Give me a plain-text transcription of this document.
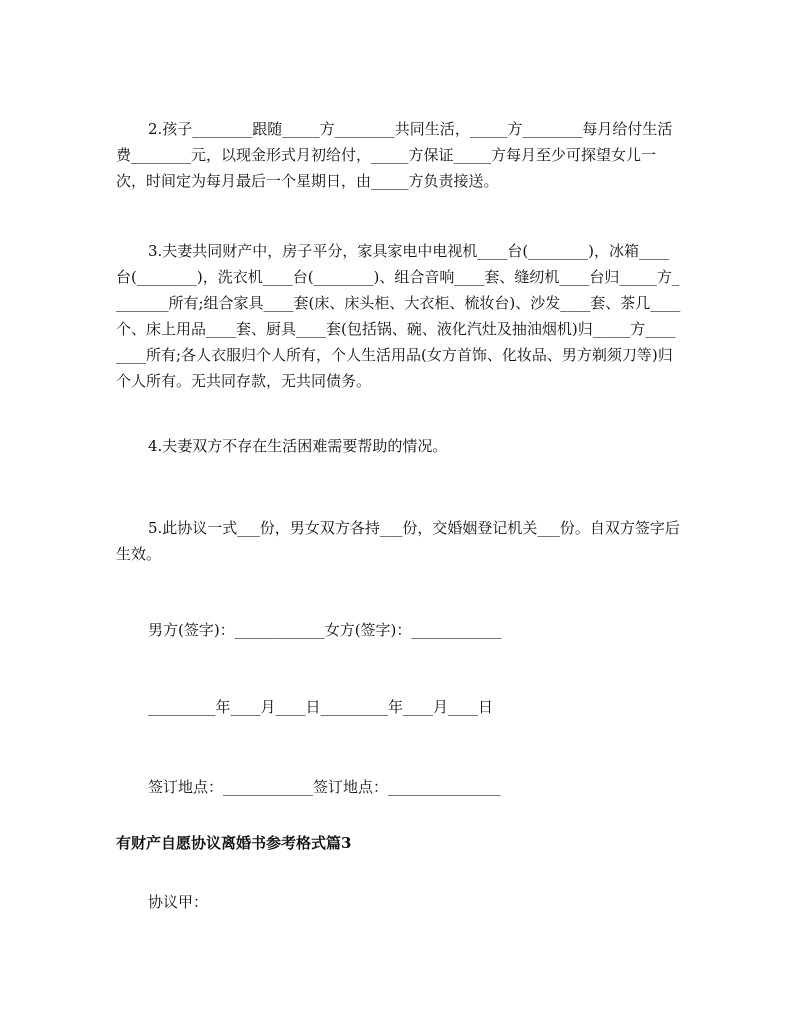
2.孩子________跟随_____方________共同生活，_____方________每月给付生活费________元，以现金形式月初给付，_____方保证_____方每月至少可探望女儿一次，时间定为每月最后一个星期日，由_____方负责接送。

3.夫妻共同财产中，房子平分，家具家电中电视机____台(________)，冰箱____台(________)，洗衣机____台(________)、组合音响____套、缝纫机____台归_____方________所有;组合家具____套(床、床头柜、大衣柜、梳妆台)、沙发____套、茶几____个、床上用品____套、厨具____套(包括锅、碗、液化汽灶及抽油烟机)归_____方________所有;各人衣服归个人所有，个人生活用品(女方首饰、化妆品、男方剃须刀等)归个人所有。无共同存款，无共同债务。

4.夫妻双方不存在生活困难需要帮助的情况。

5.此协议一式___份，男女双方各持___份，交婚姻登记机关___份。自双方签字后生效。

男方(签字)：____________女方(签字)：____________

_________年____月____日_________年____月____日

签订地点：____________签订地点：_______________

有财产自愿协议离婚书参考格式篇3

协议甲：
